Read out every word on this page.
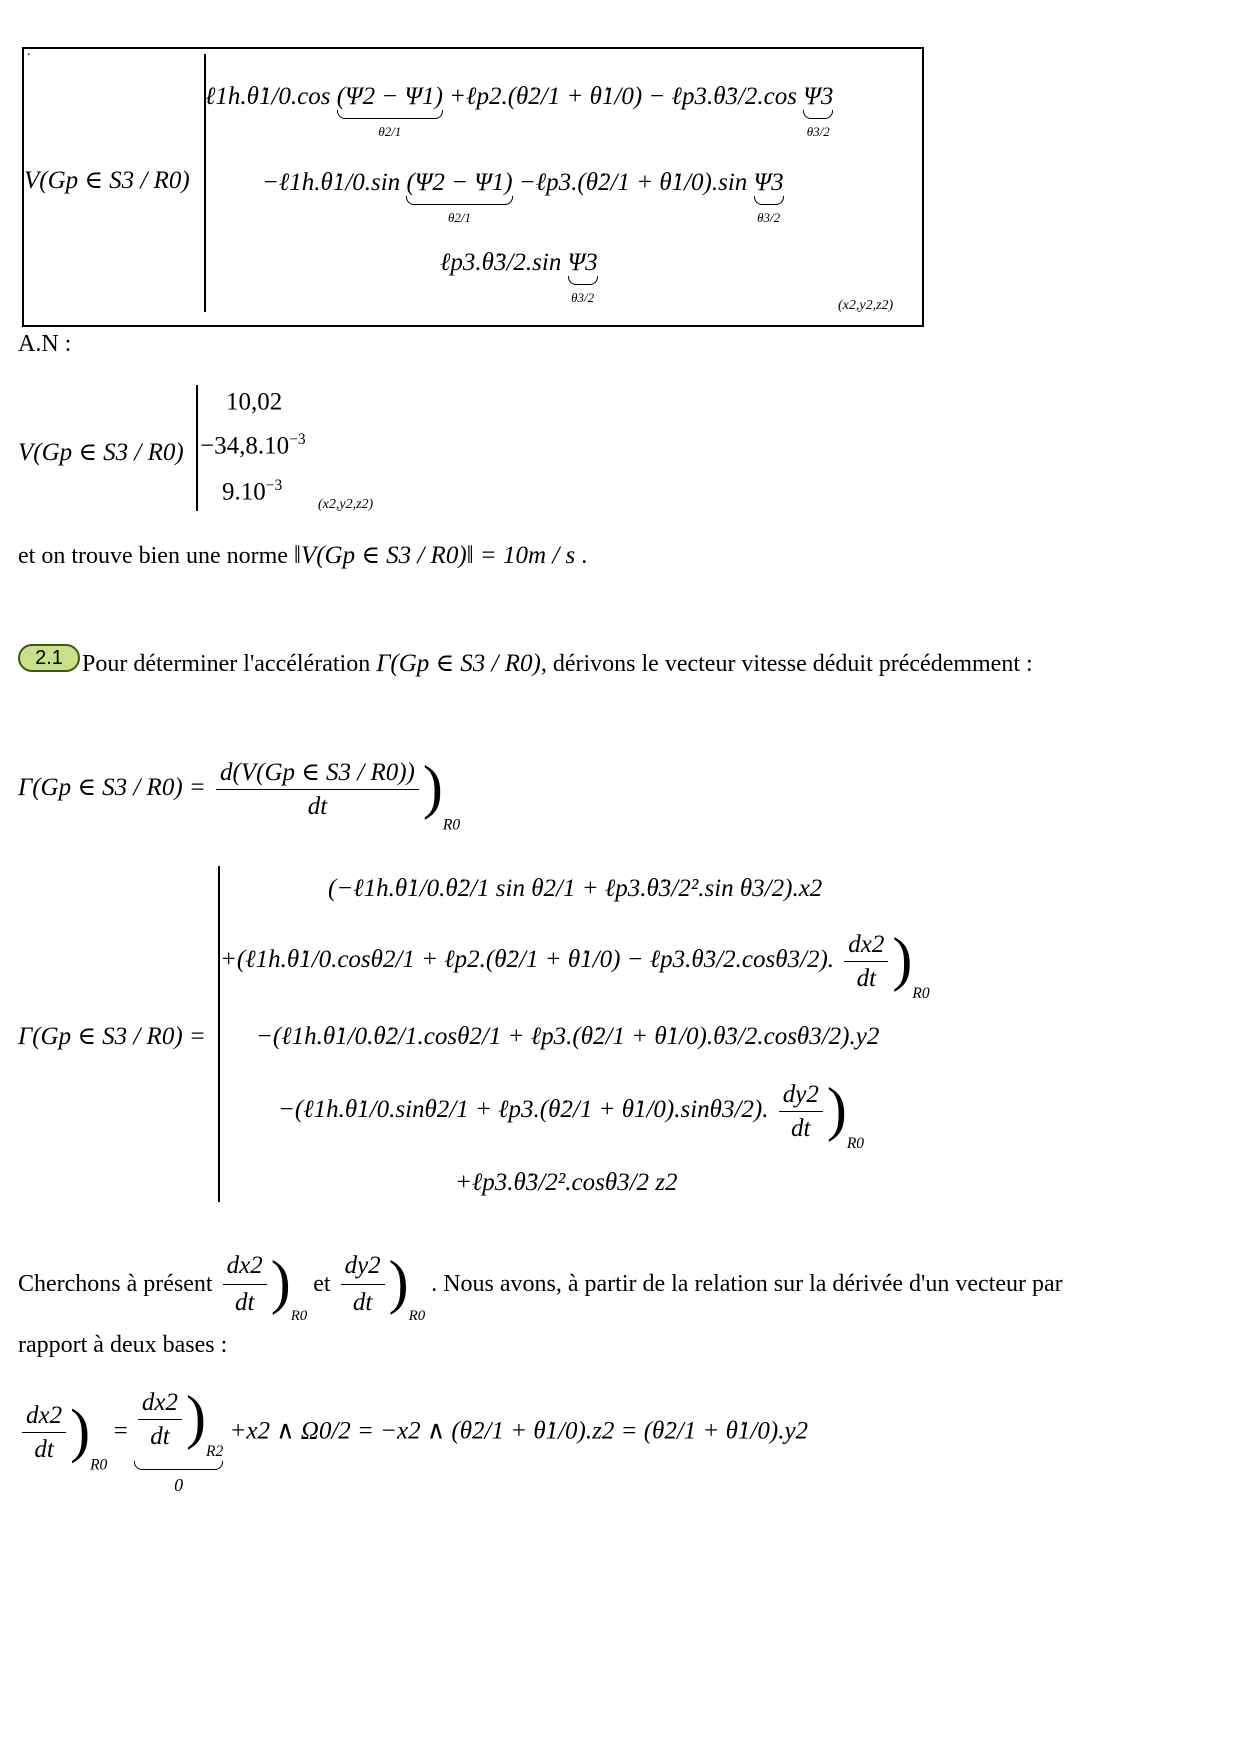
.
V(Gp ∈ S3 / R0)
ℓ1h.θ̇1/0.cos (Ψ2 − Ψ1)
θ2/1
+ℓp2.(θ̇2/1 + θ̇1/0) − ℓp3.θ̇3/2.cos Ψ3
θ3/2
−ℓ1h.θ̇1/0.sin (Ψ2 − Ψ1)
θ2/1
−ℓp3.(θ̇2/1 + θ̇1/0).sin Ψ3
θ3/2
ℓp3.θ̇3/2.sin Ψ3
θ3/2
(x2,y2,z2)
A.N :
V(Gp ∈ S3 / R0)
10,02
$-34,8.10^{-3}$
$9.10^{-3}$
(x2,y2,z2)
et on trouve bien une norme ‖V(Gp ∈ S3 / R0)‖ = 10m / s .
2.1 Pour déterminer l'accélération Γ(Gp ∈ S3 / R0), dérivons le vecteur vitesse déduit précédemment :
Γ(Gp ∈ $S3 / R0) = \frac{d(V(Gp \in S3 / R0))}{dt} )_{R0}$
Γ(Gp ∈ S3 / R0) =
(−ℓ1h.θ̇1/0.θ̇2/1 sin θ2/1 + ℓp3.θ̇3/2².sin θ3/2).x2
+(ℓ1h.θ̇1/0.cosθ2/1 + ℓp2.(θ̇2/1 + θ̇1/0) − ℓp3.θ̇3/2.cosθ3/2). $\frac{dx2}{dt} )_{R0}$
−(ℓ1h.θ̇1/0.θ̇2/1.cosθ2/1 + ℓp3.(θ̇2/1 + θ̇1/0).θ̇3/2.cosθ3/2).y2
−(ℓ1h.θ̇1/0.sinθ2/1 + ℓp3.(θ̇2/1 + θ̇1/0).sinθ3/2). $\frac{dy2}{dt} )_{R0}$
+ℓp3.θ̇3/2².cosθ3/2 z2
Cherchons à présent $\frac{dx2}{dt} )_{R0}$ et $\frac{dy2}{dt} )_{R0}$ . Nous avons, à partir de la relation sur la dérivée d'un vecteur par
rapport à deux bases :
$\frac{dx2}{dt} )_{R0} = \frac{dx2}{dt} )_{R2}$
0
+x2 ∧ Ω0/2 = −x2 ∧ (θ̇2/1 + θ̇1/0).z2 = (θ̇2/1 + θ̇1/0).y2
